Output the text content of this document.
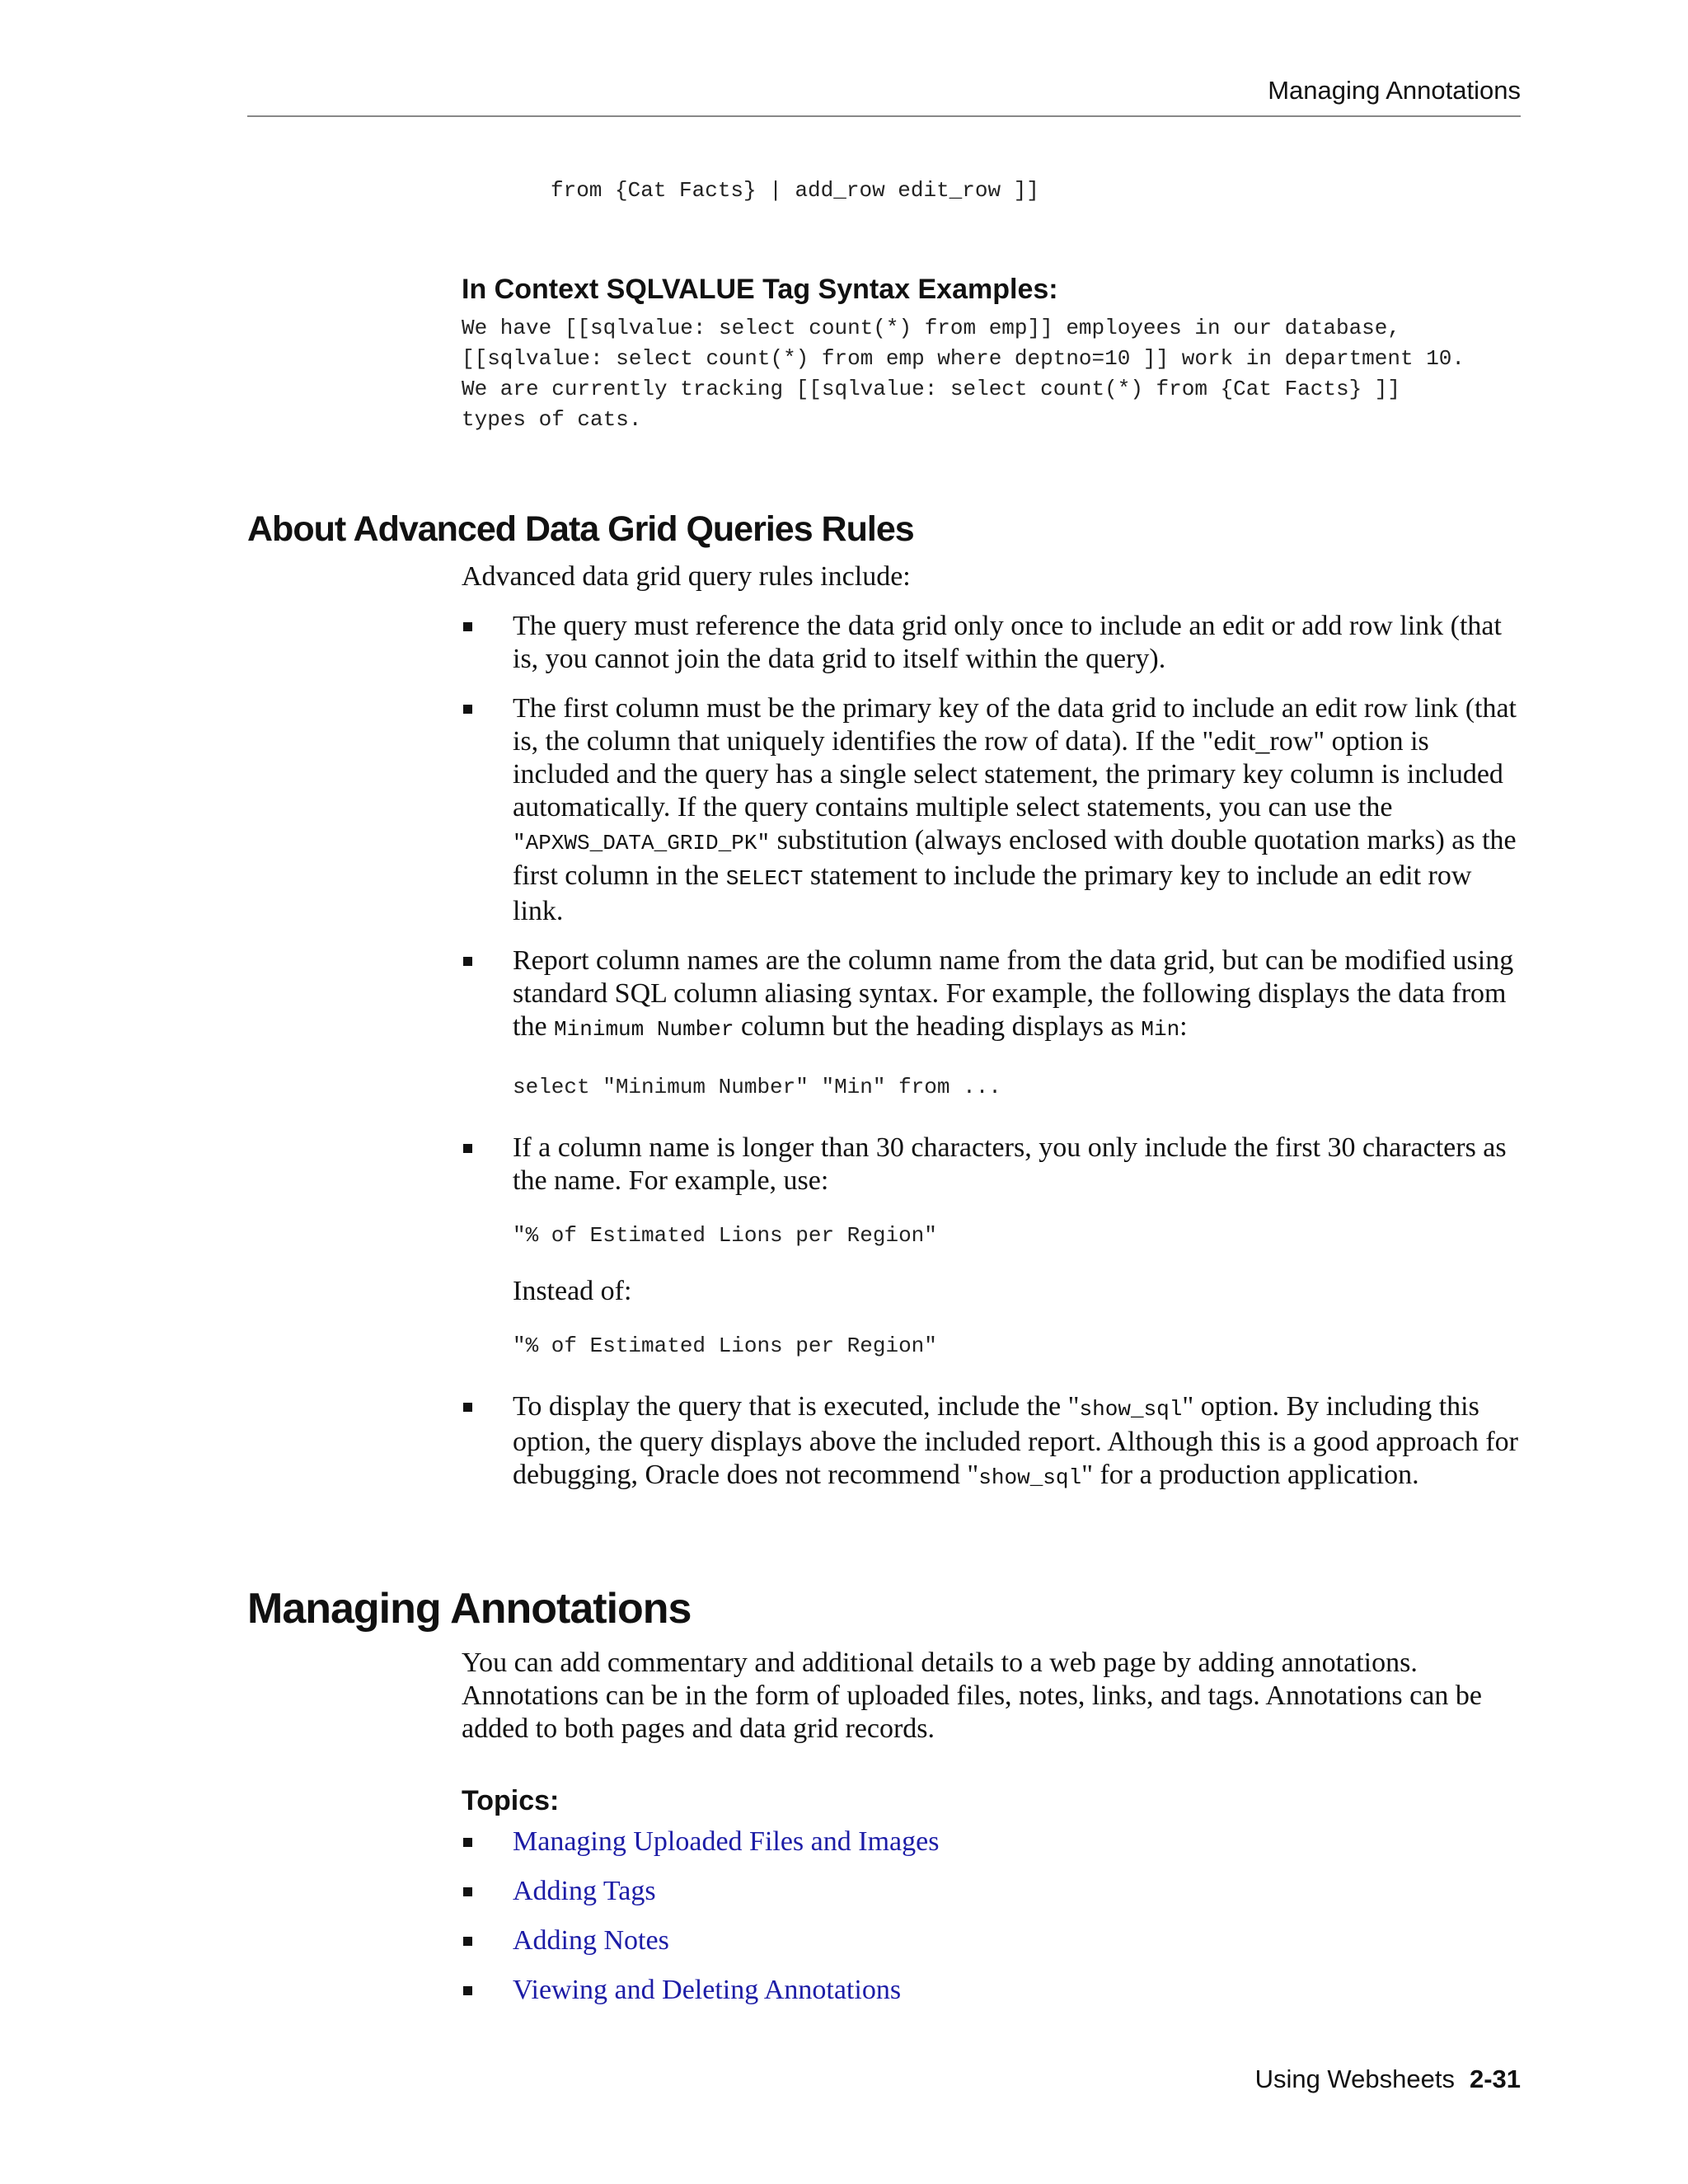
Managing Annotations
from {Cat Facts} | add_row edit_row ]]
In Context SQLVALUE Tag Syntax Examples:
We have [[sqlvalue: select count(*) from emp]] employees in our database,
[[sqlvalue: select count(*) from emp where deptno=10 ]] work in department 10.
We are currently tracking [[sqlvalue: select count(*) from {Cat Facts} ]]
types of cats.
About Advanced Data Grid Queries Rules
Advanced data grid query rules include:
The query must reference the data grid only once to include an edit or add row link (that is, you cannot join the data grid to itself within the query).
The first column must be the primary key of the data grid to include an edit row link (that is, the column that uniquely identifies the row of data). If the "edit_row" option is included and the query has a single select statement, the primary key column is included automatically. If the query contains multiple select statements, you can use the "APXWS_DATA_GRID_PK" substitution (always enclosed with double quotation marks) as the first column in the SELECT statement to include the primary key to include an edit row link.
Report column names are the column name from the data grid, but can be modified using standard SQL column aliasing syntax. For example, the following displays the data from the Minimum Number column but the heading displays as Min:
select "Minimum Number" "Min" from ...
If a column name is longer than 30 characters, you only include the first 30 characters as the name. For example, use:
"% of Estimated Lions per Region"
Instead of:
"% of Estimated Lions per Region"
To display the query that is executed, include the "show_sql" option. By including this option, the query displays above the included report. Although this is a good approach for debugging, Oracle does not recommend "show_sql" for a production application.
Managing Annotations
You can add commentary and additional details to a web page by adding annotations. Annotations can be in the form of uploaded files, notes, links, and tags. Annotations can be added to both pages and data grid records.
Topics:
Managing Uploaded Files and Images
Adding Tags
Adding Notes
Viewing and Deleting Annotations
Using Websheets 2-31
